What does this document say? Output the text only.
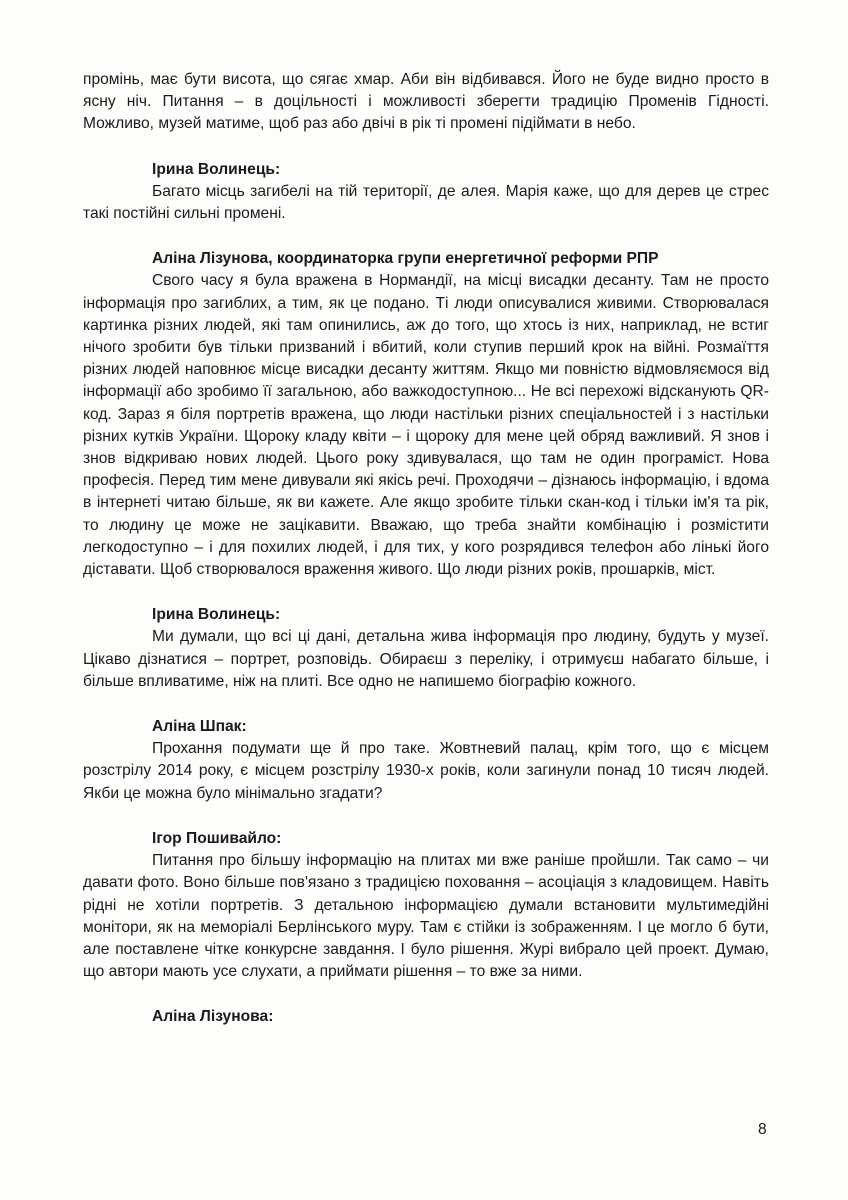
промінь, має бути висота, що сягає хмар. Аби він відбивався. Його не буде видно просто в ясну ніч. Питання – в доцільності і можливості зберегти традицію Променів Гідності. Можливо, музей матиме, щоб раз або двічі в рік ті промені підіймати в небо.

Ірина Волинець:

Багато місць загибелі на тій території, де алея. Марія каже, що для дерев це стрес такі постійні сильні промені.

Аліна Лізунова, координаторка групи енергетичної реформи РПР

Свого часу я була вражена в Нормандії, на місці висадки десанту. Там не просто інформація про загиблих, а тим, як це подано. Ті люди описувалися живими. Створювалася картинка різних людей, які там опинились, аж до того, що хтось із них, наприклад, не встиг нічого зробити був тільки призваний і вбитий, коли ступив перший крок на війні. Розмаїття різних людей наповнює місце висадки десанту життям. Якщо ми повністю відмовляємося від інформації або зробимо її загальною, або важкодоступною... Не всі перехожі відсканують QR-код. Зараз я біля портретів вражена, що люди настільки різних спеціальностей і з настільки різних кутків України. Щороку кладу квіти – і щороку для мене цей обряд важливий. Я знов і знов відкриваю нових людей. Цього року здивувалася, що там не один програміст. Нова професія. Перед тим мене дивували які якісь речі. Проходячи – дізнаюсь інформацію, і вдома в інтернеті читаю більше, як ви кажете. Але якщо зробите тільки скан-код і тільки ім'я та рік, то людину це може не зацікавити. Вважаю, що треба знайти комбінацію і розмістити легкодоступно – і для похилих людей, і для тих, у кого розрядився телефон або лінькі його діставати. Щоб створювалося враження живого. Що люди різних років, прошарків, міст.

Ірина Волинець:

Ми думали, що всі ці дані, детальна жива інформація про людину, будуть у музеї. Цікаво дізнатися – портрет, розповідь. Обираєш з переліку, і отримуєш набагато більше, і більше впливатиме, ніж на плиті. Все одно не напишемо біографію кожного.

Аліна Шпак:

Прохання подумати ще й про таке. Жовтневий палац, крім того, що є місцем розстрілу 2014 року, є місцем розстрілу 1930-х років, коли загинули понад 10 тисяч людей. Якби це можна було мінімально згадати?

Ігор Пошивайло:

Питання про більшу інформацію на плитах ми вже раніше пройшли. Так само – чи давати фото. Воно більше пов'язано з традицією поховання – асоціація з кладовищем. Навіть рідні не хотіли портретів. З детальною інформацією думали встановити мультимедійні монітори, як на меморіалі Берлінського муру. Там є стійки із зображенням. І це могло б бути, але поставлене чітке конкурсне завдання. І було рішення. Журі вибрало цей проект. Думаю, що автори мають усе слухати, а приймати рішення – то вже за ними.

Аліна Лізунова:

8
